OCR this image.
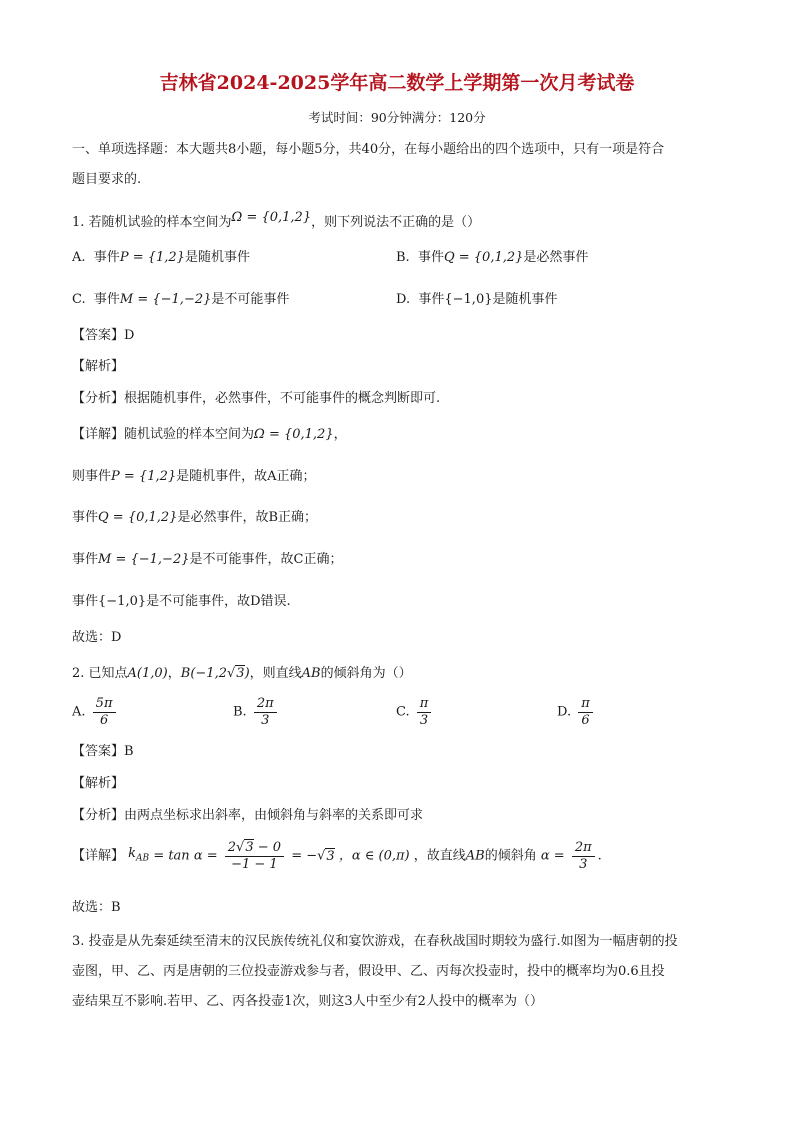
吉林省2024-2025学年高二数学上学期第一次月考试卷
考试时间：90分钟满分：120分
一、单项选择题：本大题共8小题，每小题5分，共40分，在每小题给出的四个选项中，只有一项是符合
题目要求的.
1. 若随机试验的样本空间为Ω = {0,1,2}，则下列说法不正确的是（）
A. 事件P = {1,2}是随机事件	B. 事件Q = {0,1,2}是必然事件
C. 事件M = {−1,−2}是不可能事件	D. 事件{−1,0}是随机事件
【答案】D
【解析】
【分析】根据随机事件，必然事件，不可能事件的概念判断即可.
【详解】随机试验的样本空间为Ω = {0,1,2}，
则事件P = {1,2}是随机事件，故A正确；
事件Q = {0,1,2}是必然事件，故B正确；
事件M = {−1,−2}是不可能事件，故C正确；
事件{−1,0}是不可能事件，故D错误.
故选：D
2. 已知点A(1,0)，B(−1,2√3)，则直线AB的倾斜角为（）
A. $\frac{5\pi}{6}$	B. $\frac{2\pi}{3}$	C. $\frac{\pi}{3}$	D. $\frac{\pi}{6}$
【答案】B
【解析】
【分析】由两点坐标求出斜率，由倾斜角与斜率的关系即可求
【详解】 $k_{AB} = \tan \alpha = \frac{2√3 - 0}{-1 - 1} = -√3$ ，α ∈ (0,π) ，故直线AB的倾斜角 $\alpha = \frac{2\pi}{3}$ .
故选：B
3. 投壶是从先秦延续至清末的汉民族传统礼仪和宴饮游戏，在春秋战国时期较为盛行.如图为一幅唐朝的投
壶图，甲、乙、丙是唐朝的三位投壶游戏参与者，假设甲、乙、丙每次投壶时，投中的概率均为0.6且投
壶结果互不影响.若甲、乙、丙各投壶1次，则这3人中至少有2人投中的概率为（）
